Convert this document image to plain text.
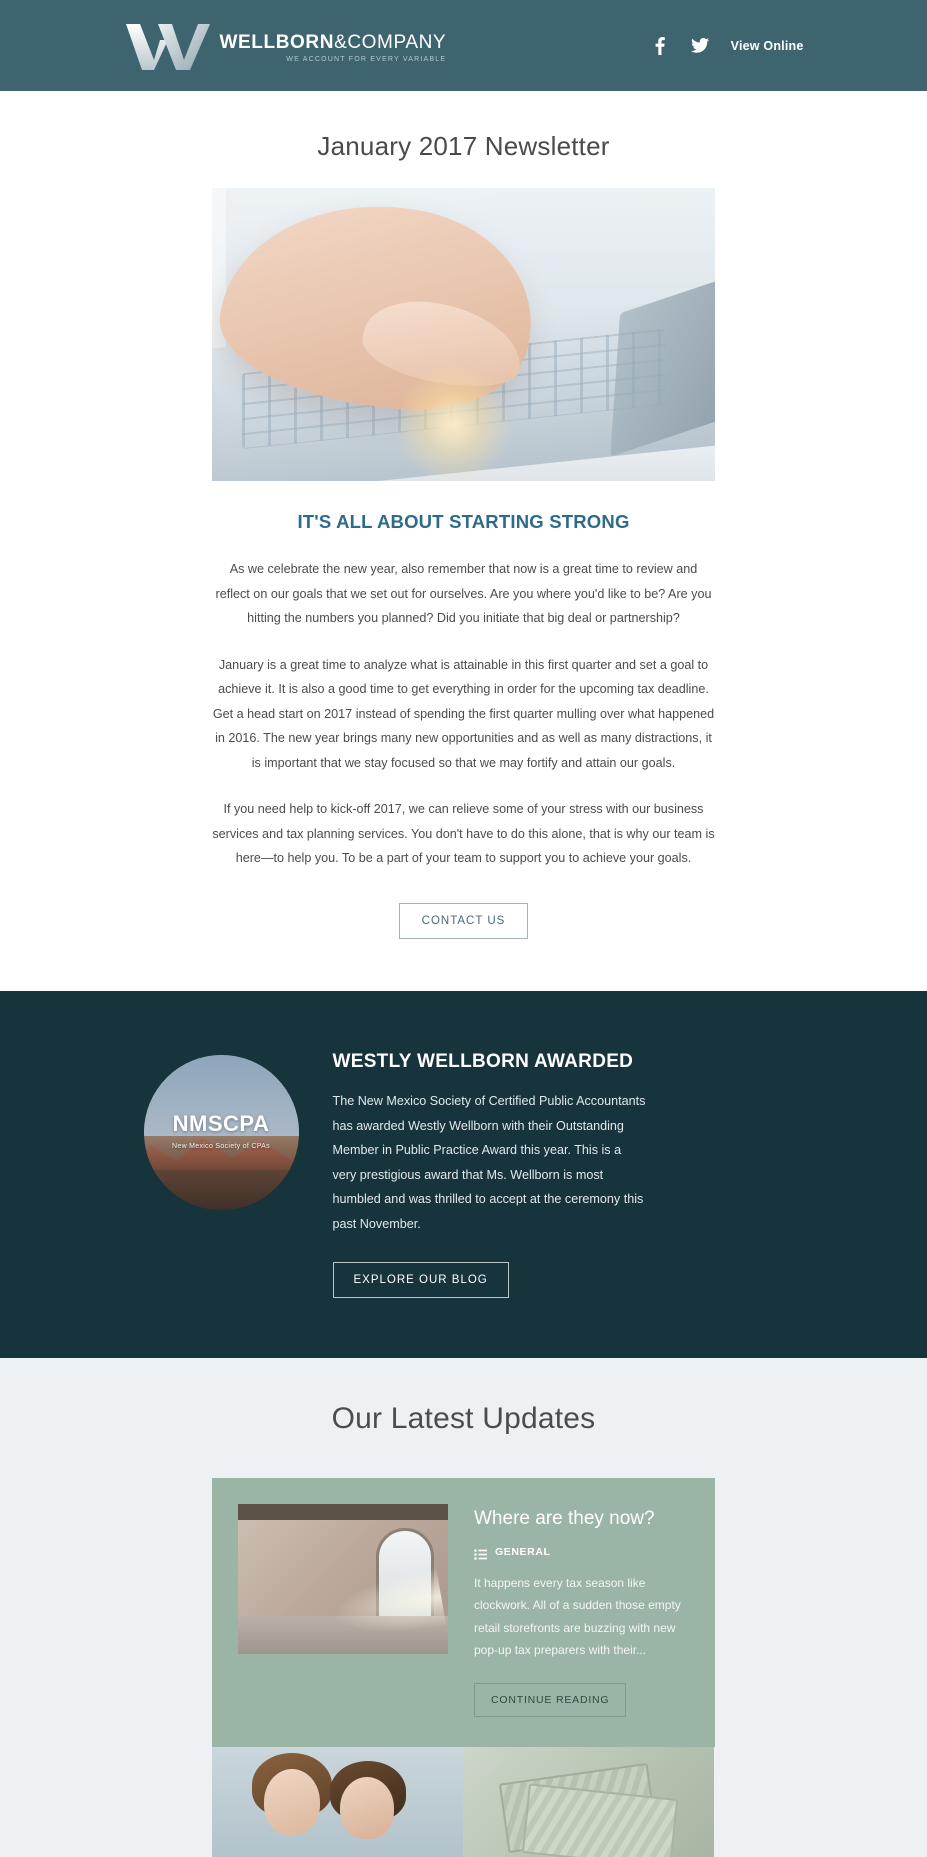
WELLBORN&COMPANY
WE ACCOUNT FOR EVERY VARIABLE
View Online
January 2017 Newsletter
IT'S ALL ABOUT STARTING STRONG

As we celebrate the new year, also remember that now is a great time to review and reflect on our goals that we set out for ourselves. Are you where you'd like to be? Are you hitting the numbers you planned? Did you initiate that big deal or partnership?

January is a great time to analyze what is attainable in this first quarter and set a goal to achieve it. It is also a good time to get everything in order for the upcoming tax deadline. Get a head start on 2017 instead of spending the first quarter mulling over what happened in 2016. The new year brings many new opportunities and as well as many distractions, it is important that we stay focused so that we may fortify and attain our goals.

If you need help to kick-off 2017, we can relieve some of your stress with our business services and tax planning services. You don't have to do this alone, that is why our team is here—to help you. To be a part of your team to support you to achieve your goals.

CONTACT US
NMSCPA
New Mexico Society of CPAs
WESTLY WELLBORN AWARDED

The New Mexico Society of Certified Public Accountants has awarded Westly Wellborn with their Outstanding Member in Public Practice Award this year. This is a very prestigious award that Ms. Wellborn is most humbled and was thrilled to accept at the ceremony this past November.

EXPLORE OUR BLOG
Our Latest Updates
Where are they now?
GENERAL

It happens every tax season like clockwork. All of a sudden those empty retail storefronts are buzzing with new pop-up tax preparers with their...

CONTINUE READING
